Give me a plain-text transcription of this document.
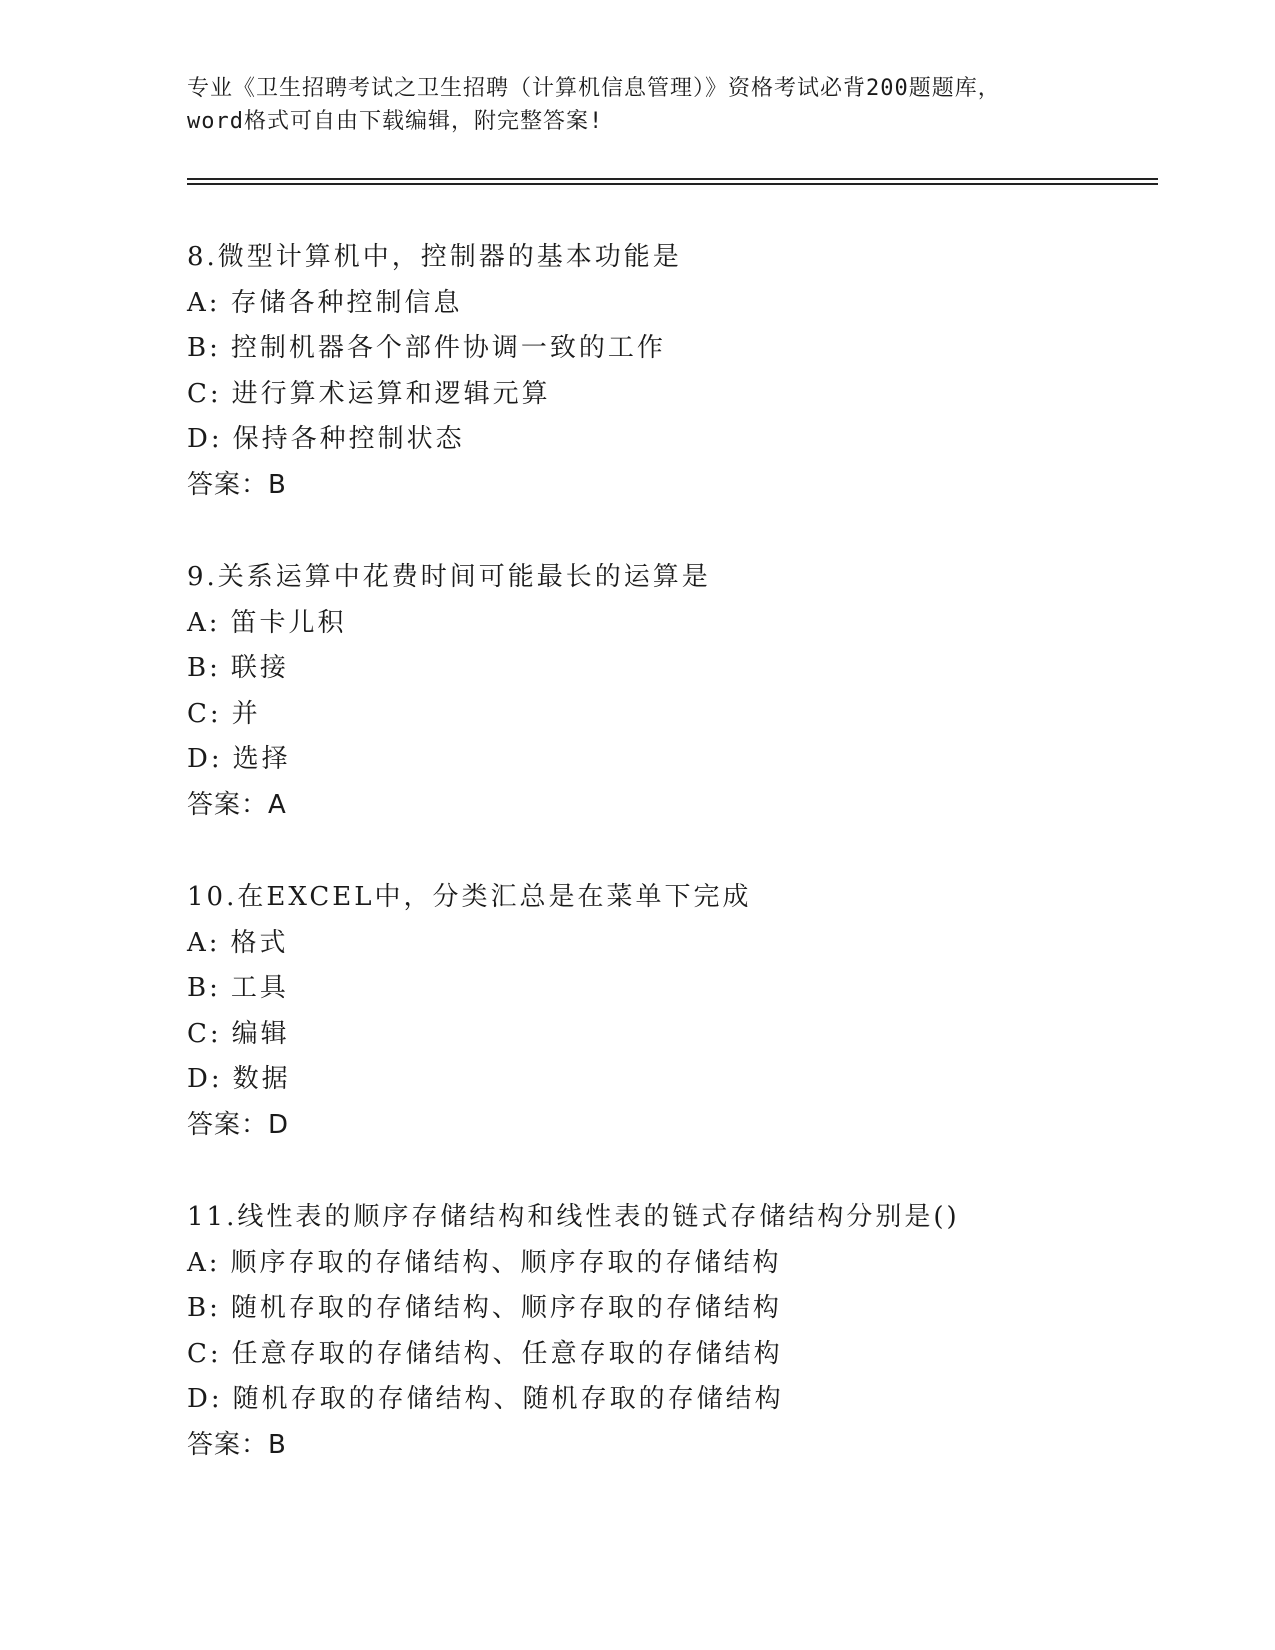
专业《卫生招聘考试之卫生招聘（计算机信息管理）》资格考试必背200题题库，
word格式可自由下载编辑，附完整答案!
8.微型计算机中，控制器的基本功能是
A: 存储各种控制信息
B: 控制机器各个部件协调一致的工作
C: 进行算术运算和逻辑元算
D: 保持各种控制状态
答案：B
9.关系运算中花费时间可能最长的运算是
A: 笛卡儿积
B: 联接
C: 并
D: 选择
答案：A
10.在EXCEL中，分类汇总是在菜单下完成
A: 格式
B: 工具
C: 编辑
D: 数据
答案：D
11.线性表的顺序存储结构和线性表的链式存储结构分别是()
A: 顺序存取的存储结构、顺序存取的存储结构
B: 随机存取的存储结构、顺序存取的存储结构
C: 任意存取的存储结构、任意存取的存储结构
D: 随机存取的存储结构、随机存取的存储结构
答案：B
